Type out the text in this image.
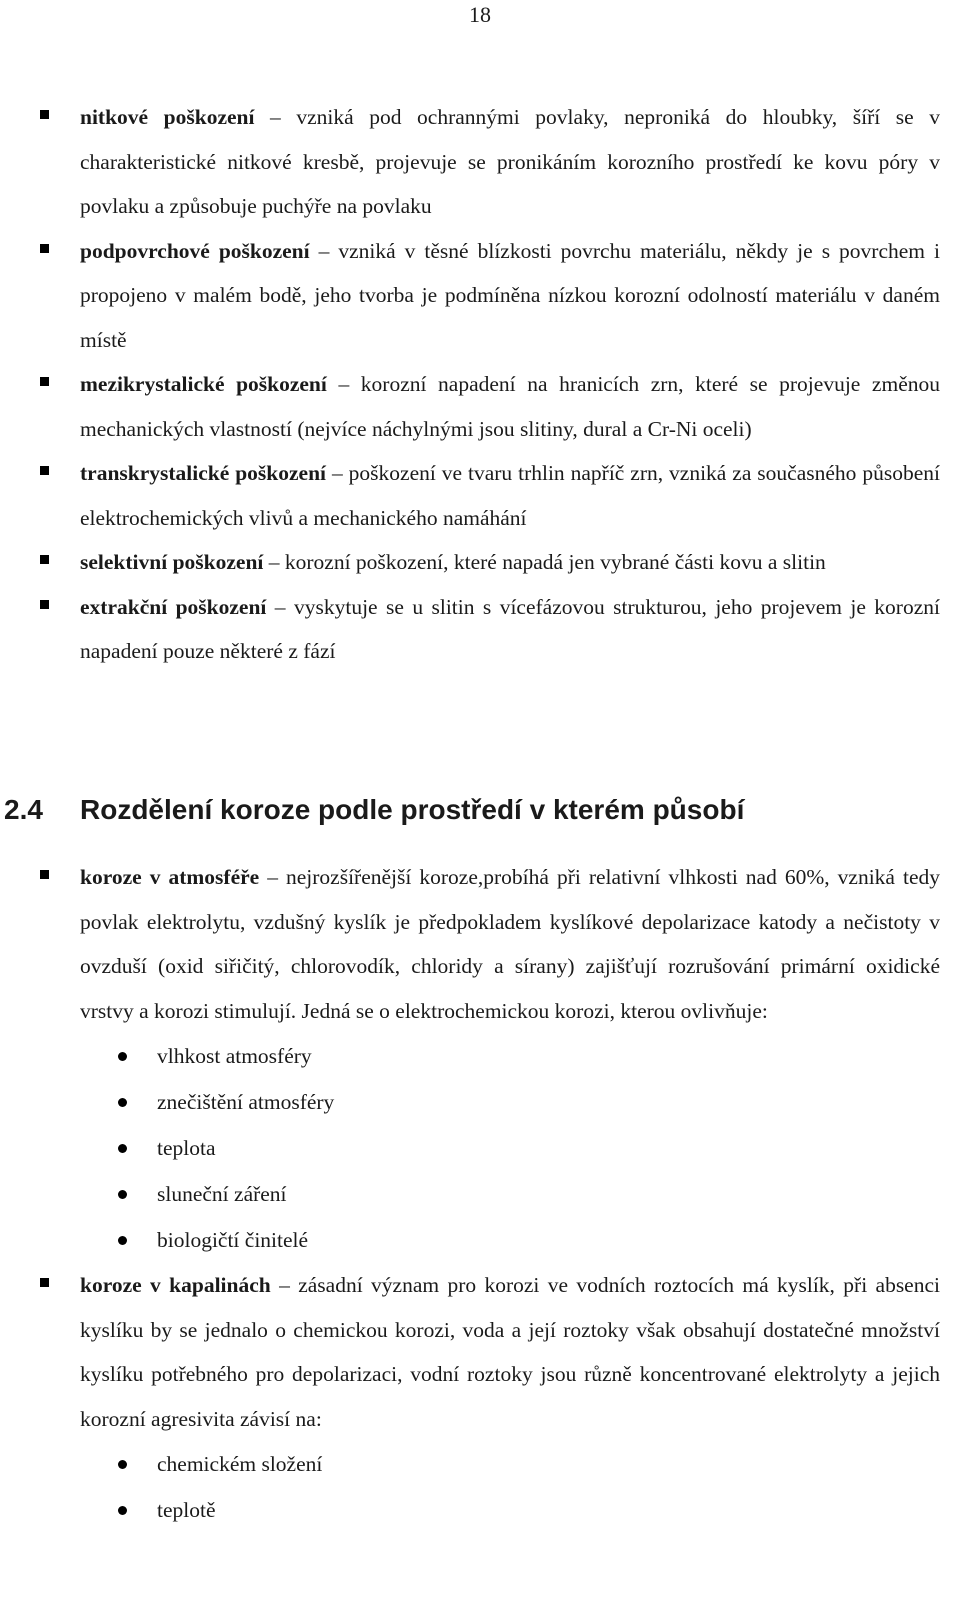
18

nitkové poškození – vzniká pod ochrannými povlaky, neproniká do hloubky, šíří se v charakteristické nitkové kresbě, projevuje se pronikáním korozního prostředí ke kovu póry v povlaku a způsobuje puchýře na povlaku

podpovrchové poškození – vzniká v těsné blízkosti povrchu materiálu, někdy je s povrchem i propojeno v malém bodě, jeho tvorba je podmíněna nízkou korozní odolností materiálu v daném místě

mezikrystalické poškození – korozní napadení na hranicích zrn, které se projevuje změnou mechanických vlastností (nejvíce náchylnými jsou slitiny, dural a Cr-Ni oceli)

transkrystalické poškození – poškození ve tvaru trhlin napříč zrn, vzniká za současného působení elektrochemických vlivů a mechanického namáhání

selektivní poškození – korozní poškození, které napadá jen vybrané části kovu a slitin

extrakční poškození – vyskytuje se u slitin s vícefázovou strukturou, jeho projevem je korozní napadení pouze některé z fází

2.4 Rozdělení koroze podle prostředí v kterém působí

koroze v atmosféře – nejrozšířenější koroze,probíhá při relativní vlhkosti nad 60%, vzniká tedy povlak elektrolytu, vzdušný kyslík je předpokladem kyslíkové depolarizace katody a nečistoty v ovzduší (oxid siřičitý, chlorovodík, chloridy a sírany) zajišťují rozrušování primární oxidické vrstvy a korozi stimulují. Jedná se o elektrochemickou korozi, kterou ovlivňuje:

vlhkost atmosféry
znečištění atmosféry
teplota
sluneční záření
biologičtí činitelé

koroze v kapalinách – zásadní význam pro korozi ve vodních roztocích má kyslík, při absenci kyslíku by se jednalo o chemickou korozi, voda a její roztoky však obsahují dostatečné množství kyslíku potřebného pro depolarizaci, vodní roztoky jsou různě koncentrované elektrolyty a jejich korozní agresivita závisí na:

chemickém složení
teplotě
